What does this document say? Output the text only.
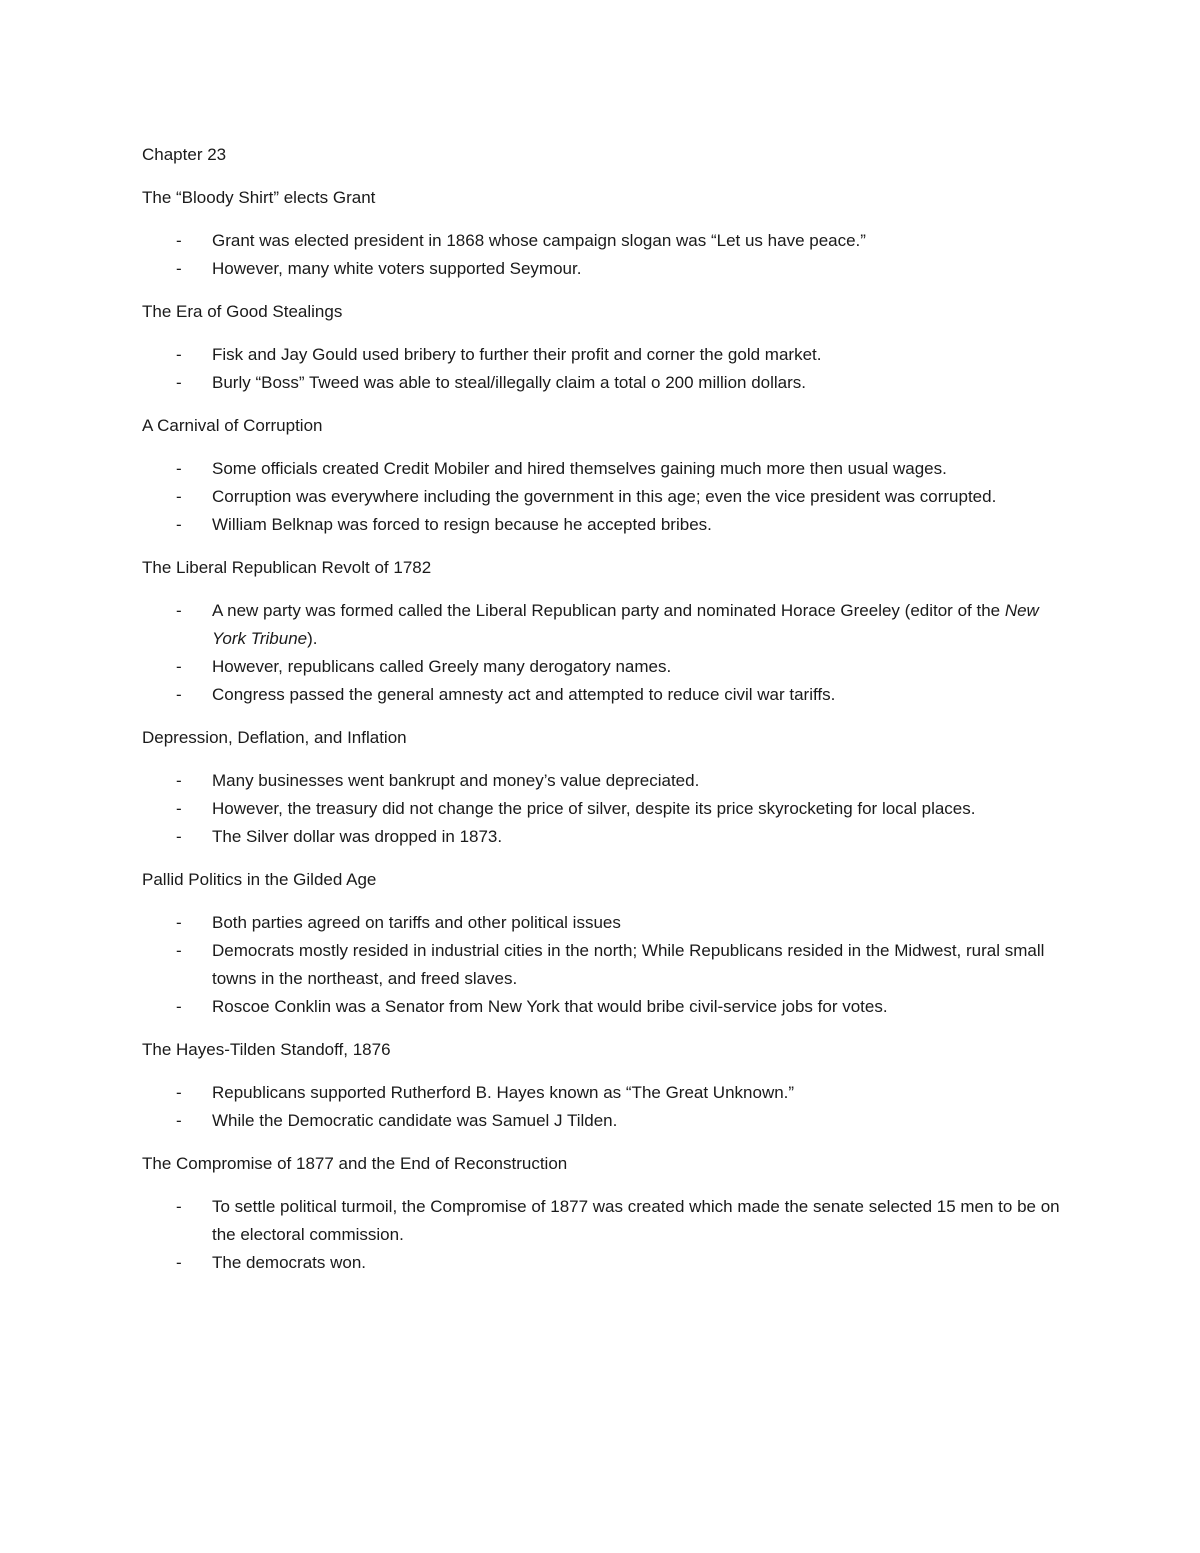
Chapter 23
The “Bloody Shirt” elects Grant
- Grant was elected president in 1868 whose campaign slogan was “Let us have peace.”
- However, many white voters supported Seymour.
The Era of Good Stealings
- Fisk and Jay Gould used bribery to further their profit and corner the gold market.
- Burly “Boss” Tweed was able to steal/illegally claim a total o 200 million dollars.
A Carnival of Corruption
- Some officials created Credit Mobiler and hired themselves gaining much more then usual wages.
- Corruption was everywhere including the government in this age; even the vice president was corrupted.
- William Belknap was forced to resign because he accepted bribes.
The Liberal Republican Revolt of 1782
- A new party was formed called the Liberal Republican party and nominated Horace Greeley (editor of the New York Tribune).
- However, republicans called Greely many derogatory names.
- Congress passed the general amnesty act and attempted to reduce civil war tariffs.
Depression, Deflation, and Inflation
- Many businesses went bankrupt and money’s value depreciated.
- However, the treasury did not change the price of silver, despite its price skyrocketing for local places.
- The Silver dollar was dropped in 1873.
Pallid Politics in the Gilded Age
- Both parties agreed on tariffs and other political issues
- Democrats mostly resided in industrial cities in the north; While Republicans resided in the Midwest, rural small towns in the northeast, and freed slaves.
- Roscoe Conklin was a Senator from New York that would bribe civil-service jobs for votes.
The Hayes-Tilden Standoff, 1876
- Republicans supported Rutherford B. Hayes known as “The Great Unknown.”
- While the Democratic candidate was Samuel J Tilden.
The Compromise of 1877 and the End of Reconstruction
- To settle political turmoil, the Compromise of 1877 was created which made the senate selected 15 men to be on the electoral commission.
- The democrats won.
